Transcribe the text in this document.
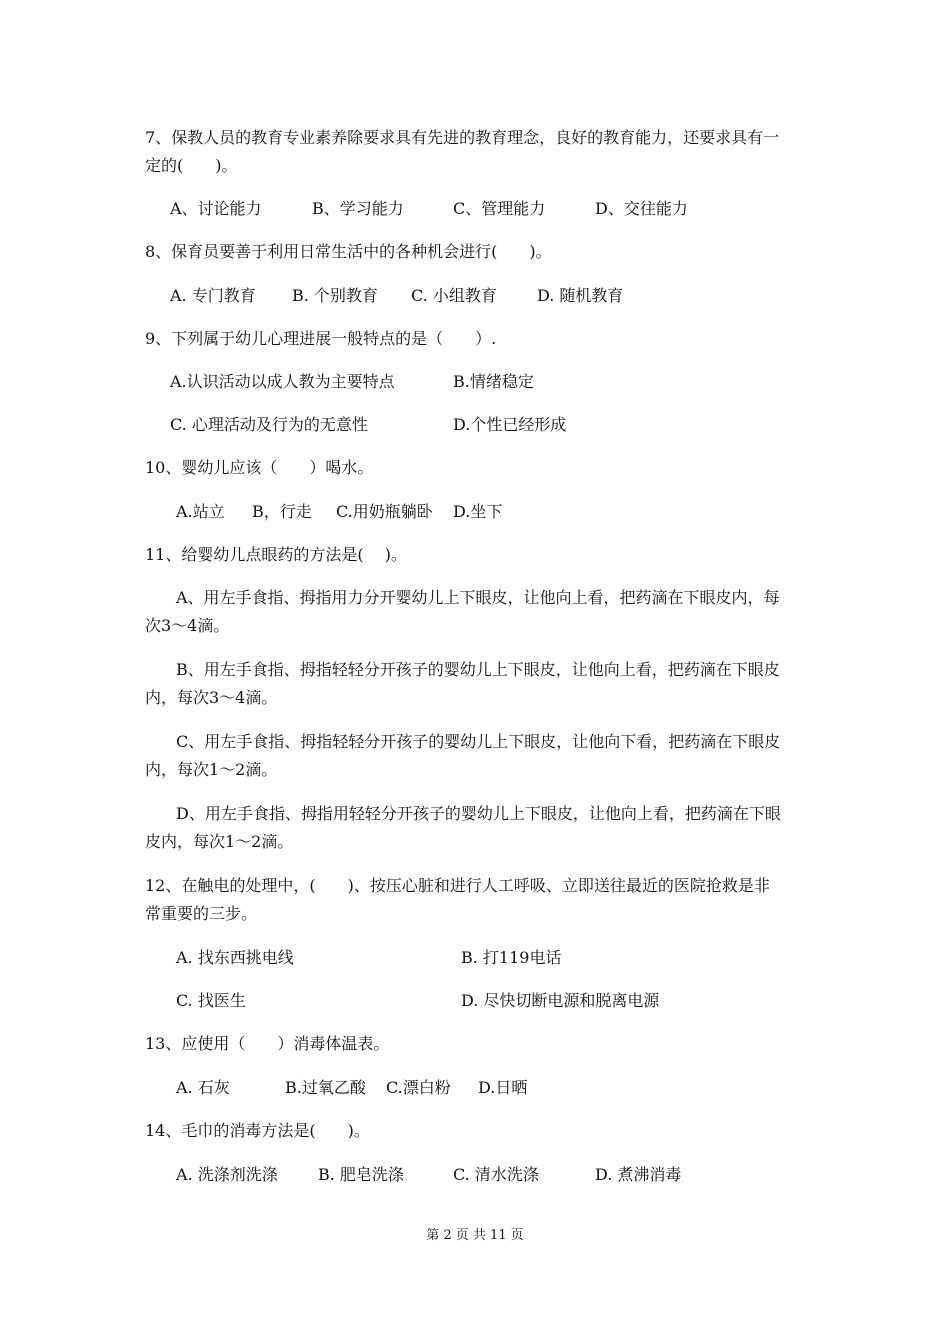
7、保教人员的教育专业素养除要求具有先进的教育理念，良好的教育能力，还要求具有一
定的(　　)。
A、讨论能力	B、学习能力	C、管理能力	D、交往能力
8、保育员要善于利用日常生活中的各种机会进行(　　)。
A. 专门教育 B. 个别教育 C. 小组教育	D. 随机教育
9、下列属于幼儿心理进展一般特点的是（　　）.
A.认识活动以成人教为主要特点	B.情绪稳定
C. 心理活动及行为的无意性	D.个性已经形成
10、婴幼儿应该（　　）喝水。
A.站立 B，行走 C.用奶瓶躺卧 D.坐下
11、给婴幼儿点眼药的方法是(　 )。
A、用左手食指、拇指用力分开婴幼儿上下眼皮，让他向上看，把药滴在下眼皮内，每
次3～4滴。
B、用左手食指、拇指轻轻分开孩子的婴幼儿上下眼皮，让他向上看，把药滴在下眼皮
内，每次3～4滴。
C、用左手食指、拇指轻轻分开孩子的婴幼儿上下眼皮，让他向下看，把药滴在下眼皮
内，每次1～2滴。
D、用左手食指、拇指用轻轻分开孩子的婴幼儿上下眼皮，让他向上看，把药滴在下眼
皮内，每次1～2滴。
12、在触电的处理中，(　　)、按压心脏和进行人工呼吸、立即送往最近的医院抢救是非
常重要的三步。
A. 找东西挑电线	B. 打119电话
C. 找医生	D. 尽快切断电源和脱离电源
13、应使用（　　）消毒体温表。
A. 石灰	B.过氧乙酸 C.漂白粉 D.日晒
14、毛巾的消毒方法是(　　)。
A. 洗涤剂洗涤	B. 肥皂洗涤	C. 清水洗涤	D. 煮沸消毒
第 2 页 共 11 页
